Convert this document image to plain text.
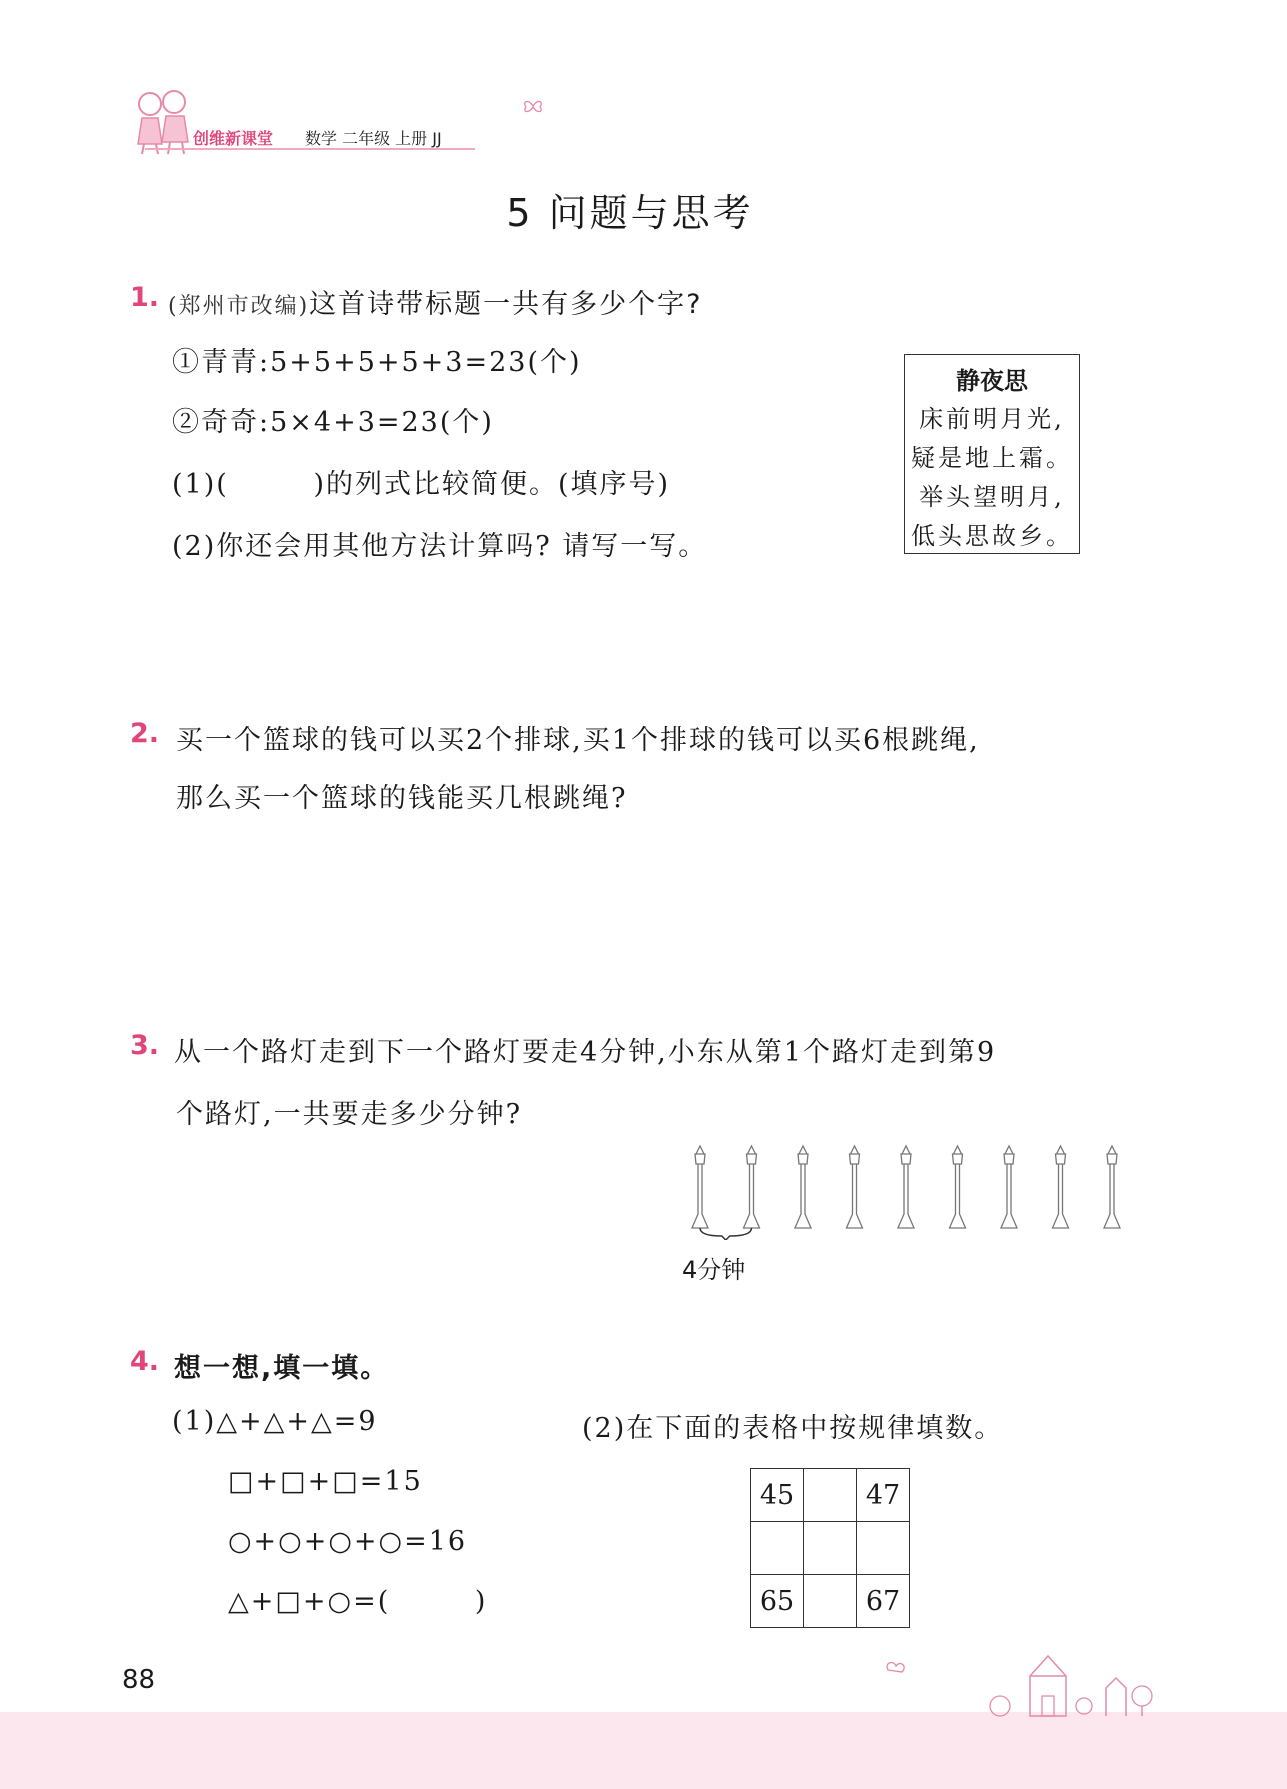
创维新课堂 数学 二年级 上册 JJ
5 问题与思考
1. (郑州市改编)这首诗带标题一共有多少个字?
①青青:5+5+5+5+3=23(个)
②奇奇:5×4+3=23(个)
(1)(        )的列式比较简便。(填序号)
(2)你还会用其他方法计算吗? 请写一写。
静夜思
床前明月光,
疑是地上霜。
举头望明月,
低头思故乡。
2. 买一个篮球的钱可以买2个排球,买1个排球的钱可以买6根跳绳,
那么买一个篮球的钱能买几根跳绳?
3. 从一个路灯走到下一个路灯要走4分钟,小东从第1个路灯走到第9
个路灯,一共要走多少分钟?
4分钟
4. 想一想,填一填。
(1)△+△+△=9
□+□+□=15
○+○+○+○=16
△+□+○=(        )
(2)在下面的表格中按规律填数。
45		47

65		67
88
